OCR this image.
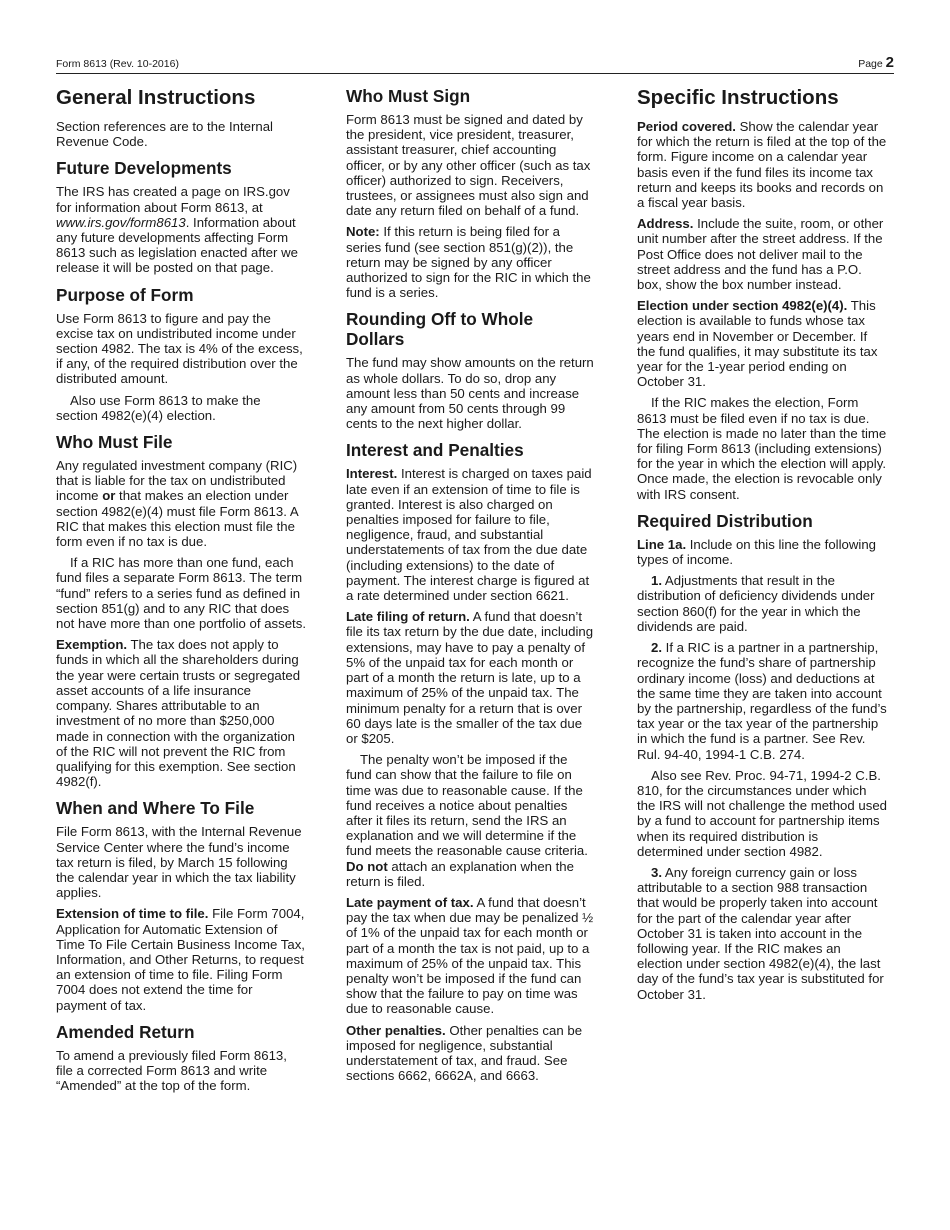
Form 8613 (Rev. 10-2016)	Page 2
General Instructions

Section references are to the Internal Revenue Code.

Future Developments

The IRS has created a page on IRS.gov for information about Form 8613, at www.irs.gov/form8613. Information about any future developments affecting Form 8613 such as legislation enacted after we release it will be posted on that page.

Purpose of Form

Use Form 8613 to figure and pay the excise tax on undistributed income under section 4982. The tax is 4% of the excess, if any, of the required distribution over the distributed amount.

Also use Form 8613 to make the section 4982(e)(4) election.

Who Must File

Any regulated investment company (RIC) that is liable for the tax on undistributed income or that makes an election under section 4982(e)(4) must file Form 8613. A RIC that makes this election must file the form even if no tax is due.

If a RIC has more than one fund, each fund files a separate Form 8613. The term “fund” refers to a series fund as defined in section 851(g) and to any RIC that does not have more than one portfolio of assets.

Exemption. The tax does not apply to funds in which all the shareholders during the year were certain trusts or segregated asset accounts of a life insurance company. Shares attributable to an investment of no more than $250,000 made in connection with the organization of the RIC will not prevent the RIC from qualifying for this exemption. See section 4982(f).

When and Where To File

File Form 8613, with the Internal Revenue Service Center where the fund’s income tax return is filed, by March 15 following the calendar year in which the tax liability applies.

Extension of time to file. File Form 7004, Application for Automatic Extension of Time To File Certain Business Income Tax, Information, and Other Returns, to request an extension of time to file. Filing Form 7004 does not extend the time for payment of tax.

Amended Return

To amend a previously filed Form 8613, file a corrected Form 8613 and write “Amended” at the top of the form.

Who Must Sign

Form 8613 must be signed and dated by the president, vice president, treasurer, assistant treasurer, chief accounting officer, or by any other officer (such as tax officer) authorized to sign. Receivers, trustees, or assignees must also sign and date any return filed on behalf of a fund.

Note: If this return is being filed for a series fund (see section 851(g)(2)), the return may be signed by any officer authorized to sign for the RIC in which the fund is a series.

Rounding Off to Whole Dollars

The fund may show amounts on the return as whole dollars. To do so, drop any amount less than 50 cents and increase any amount from 50 cents through 99 cents to the next higher dollar.

Interest and Penalties

Interest. Interest is charged on taxes paid late even if an extension of time to file is granted. Interest is also charged on penalties imposed for failure to file, negligence, fraud, and substantial understatements of tax from the due date (including extensions) to the date of payment. The interest charge is figured at a rate determined under section 6621.

Late filing of return. A fund that doesn’t file its tax return by the due date, including extensions, may have to pay a penalty of 5% of the unpaid tax for each month or part of a month the return is late, up to a maximum of 25% of the unpaid tax. The minimum penalty for a return that is over 60 days late is the smaller of the tax due or $205.

The penalty won’t be imposed if the fund can show that the failure to file on time was due to reasonable cause. If the fund receives a notice about penalties after it files its return, send the IRS an explanation and we will determine if the fund meets the reasonable cause criteria. Do not attach an explanation when the return is filed.

Late payment of tax. A fund that doesn’t pay the tax when due may be penalized ½ of 1% of the unpaid tax for each month or part of a month the tax is not paid, up to a maximum of 25% of the unpaid tax. This penalty won’t be imposed if the fund can show that the failure to pay on time was due to reasonable cause.

Other penalties. Other penalties can be imposed for negligence, substantial understatement of tax, and fraud. See sections 6662, 6662A, and 6663.

Specific Instructions

Period covered. Show the calendar year for which the return is filed at the top of the form. Figure income on a calendar year basis even if the fund files its income tax return and keeps its books and records on a fiscal year basis.

Address. Include the suite, room, or other unit number after the street address. If the Post Office does not deliver mail to the street address and the fund has a P.O. box, show the box number instead.

Election under section 4982(e)(4). This election is available to funds whose tax years end in November or December. If the fund qualifies, it may substitute its tax year for the 1-year period ending on October 31.

If the RIC makes the election, Form 8613 must be filed even if no tax is due. The election is made no later than the time for filing Form 8613 (including extensions) for the year in which the election will apply. Once made, the election is revocable only with IRS consent.

Required Distribution

Line 1a. Include on this line the following types of income.

1. Adjustments that result in the distribution of deficiency dividends under section 860(f) for the year in which the dividends are paid.

2. If a RIC is a partner in a partnership, recognize the fund’s share of partnership ordinary income (loss) and deductions at the same time they are taken into account by the partnership, regardless of the fund’s tax year or the tax year of the partnership in which the fund is a partner. See Rev. Rul. 94-40, 1994-1 C.B. 274.

Also see Rev. Proc. 94-71, 1994-2 C.B. 810, for the circumstances under which the IRS will not challenge the method used by a fund to account for partnership items when its required distribution is determined under section 4982.

3. Any foreign currency gain or loss attributable to a section 988 transaction that would be properly taken into account for the part of the calendar year after October 31 is taken into account in the following year. If the RIC makes an election under section 4982(e)(4), the last day of the fund’s tax year is substituted for October 31.
